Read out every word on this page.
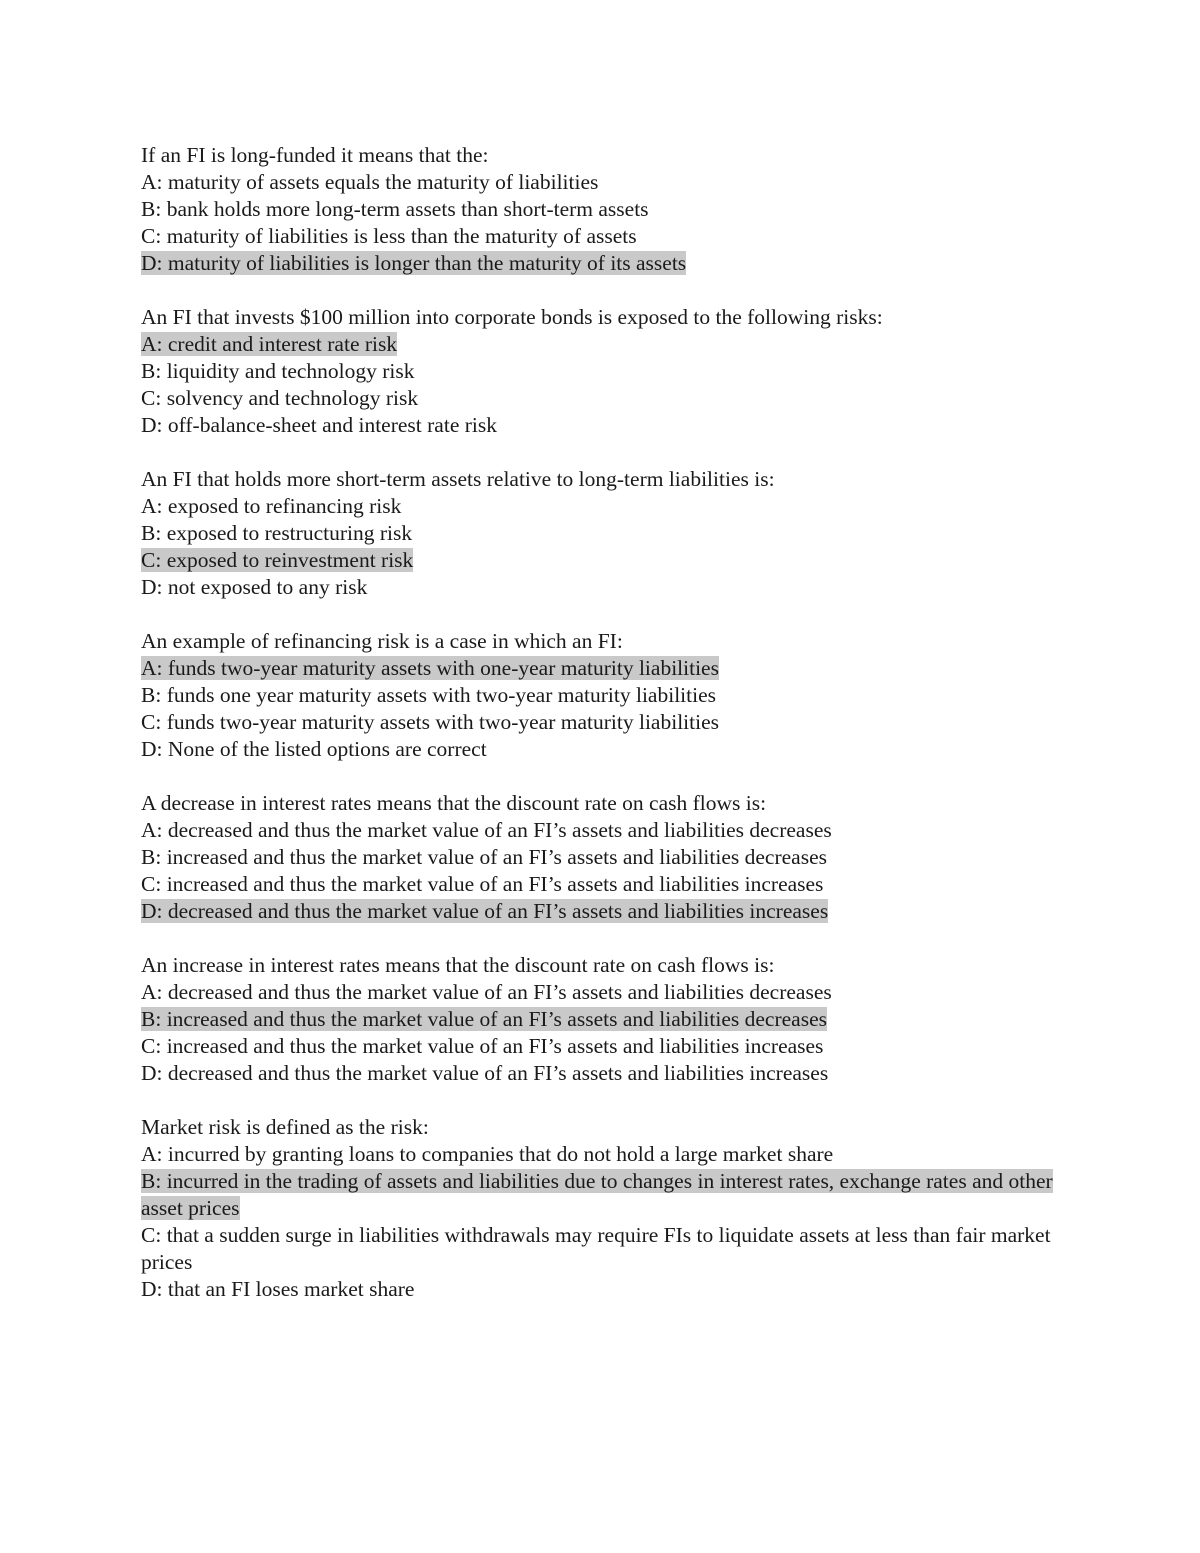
If an FI is long-funded it means that the:

A: maturity of assets equals the maturity of liabilities

B: bank holds more long-term assets than short-term assets

C: maturity of liabilities is less than the maturity of assets

D: maturity of liabilities is longer than the maturity of its assets

An FI that invests $100 million into corporate bonds is exposed to the following risks:

A: credit and interest rate risk

B: liquidity and technology risk

C: solvency and technology risk

D: off-balance-sheet and interest rate risk

An FI that holds more short-term assets relative to long-term liabilities is:

A: exposed to refinancing risk

B: exposed to restructuring risk

C: exposed to reinvestment risk

D: not exposed to any risk

An example of refinancing risk is a case in which an FI:

A: funds two-year maturity assets with one-year maturity liabilities

B: funds one year maturity assets with two-year maturity liabilities

C: funds two-year maturity assets with two-year maturity liabilities

D: None of the listed options are correct

A decrease in interest rates means that the discount rate on cash flows is:

A: decreased and thus the market value of an FI’s assets and liabilities decreases

B: increased and thus the market value of an FI’s assets and liabilities decreases

C: increased and thus the market value of an FI’s assets and liabilities increases

D: decreased and thus the market value of an FI’s assets and liabilities increases

An increase in interest rates means that the discount rate on cash flows is:

A: decreased and thus the market value of an FI’s assets and liabilities decreases

B: increased and thus the market value of an FI’s assets and liabilities decreases

C: increased and thus the market value of an FI’s assets and liabilities increases

D: decreased and thus the market value of an FI’s assets and liabilities increases

Market risk is defined as the risk:

A: incurred by granting loans to companies that do not hold a large market share

B: incurred in the trading of assets and liabilities due to changes in interest rates, exchange rates and other asset prices

C: that a sudden surge in liabilities withdrawals may require FIs to liquidate assets at less than fair market prices

D: that an FI loses market share
